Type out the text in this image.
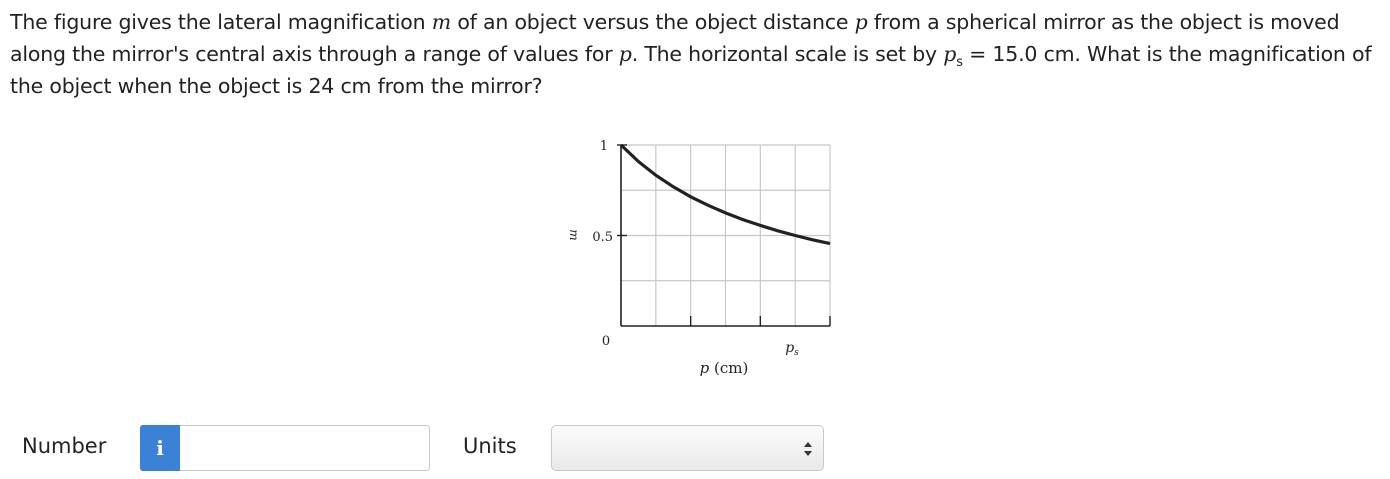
The figure gives the lateral magnification m of an object versus the object distance p from a spherical mirror as the object is moved along the mirror's central axis through a range of values for p. The horizontal scale is set by $p_s = 15.0$ cm. What is the magnification of the object when the object is 24 cm from the mirror?

1
0.5
m
0	$p_s$
p (cm)
Number	i	Units
